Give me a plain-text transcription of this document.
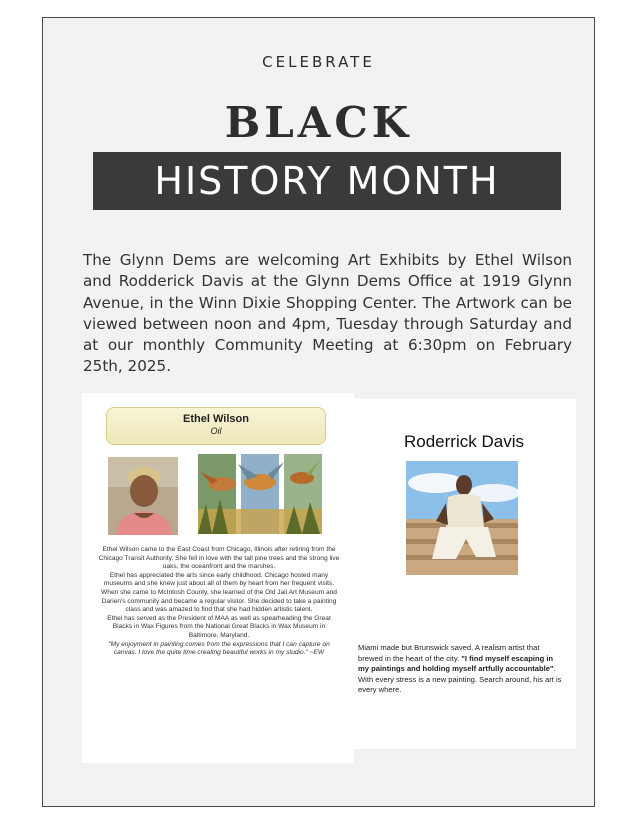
CELEBRATE
BLACK
HISTORY MONTH
The Glynn Dems are welcoming Art Exhibits by Ethel Wilson and Rodderick Davis at the Glynn Dems Office at 1919 Glynn Avenue, in the Winn Dixie Shopping Center. The Artwork can be viewed between noon and 4pm, Tuesday through Saturday and at our monthly Community Meeting at 6:30pm on February 25th, 2025.
Ethel Wilson
Oil

Ethel Wilson came to the East Coast from Chicago, Illinois after retiring from the Chicago Transit Authority. She fell in love with the tall pine trees and the strong live oaks, the oceanfront and the marshes.

Ethel has appreciated the arts since early childhood. Chicago hosted many museums and she knew just about all of them by heart from her frequent visits. When she came to McIntosh County, she learned of the Old Jail Art Museum and Darien's community and became a regular visitor. She decided to take a painting class and was amazed to find that she had hidden artistic talent.

Ethel has served as the President of MAA as well as spearheading the Great Blacks in Wax Figures from the National Great Blacks in Wax Museum in Baltimore, Maryland.

"My enjoyment in painting comes from the expressions that I can capture on canvas. I love the quite time creating beautiful works in my studio." ~EW

Roderrick Davis
Miami made but Brunswick saved. A realism artist that brewed in the heart of the city. "I find myself escaping in my paintings and holding myself artfully accountable". With every stress is a new painting. Search around, his art is every where.
